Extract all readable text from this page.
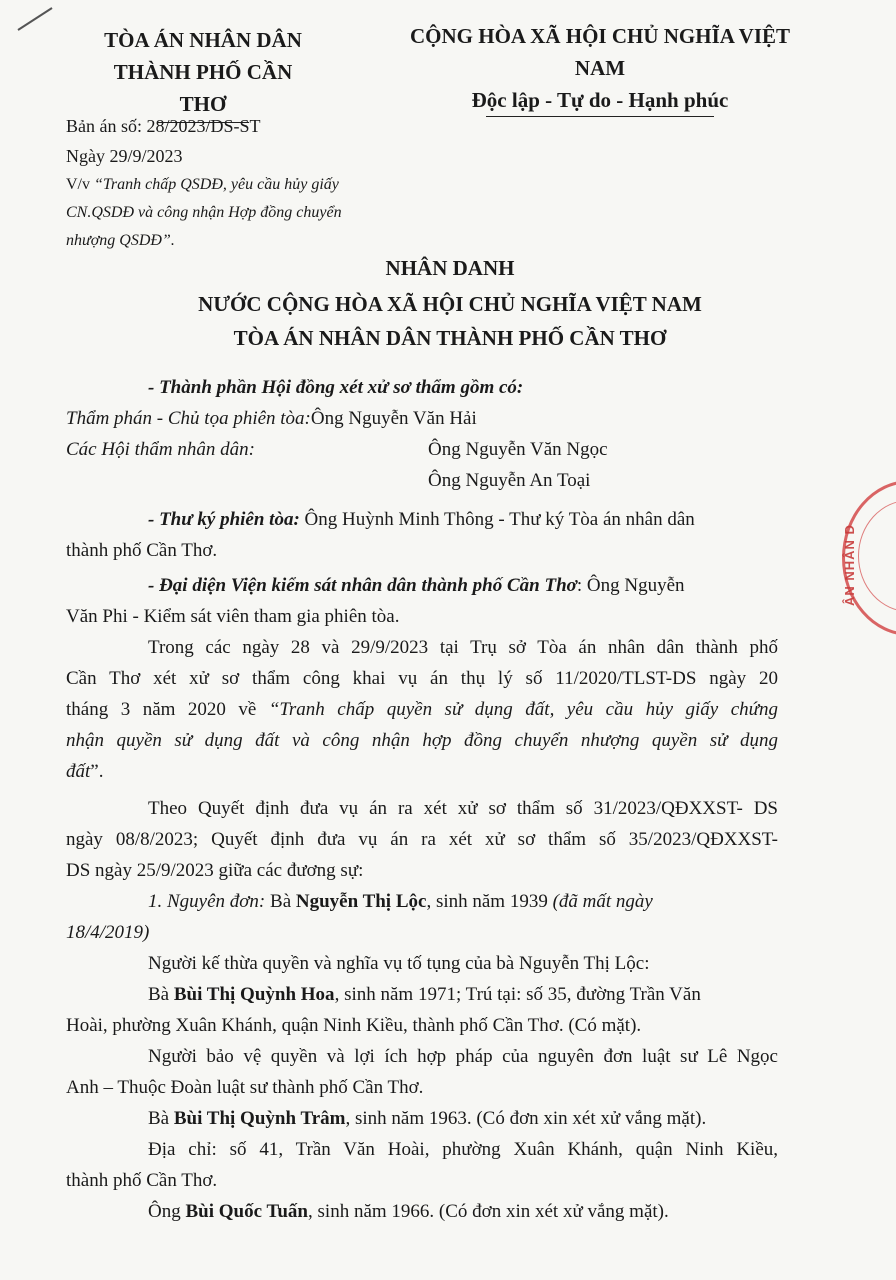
TÒA ÁN NHÂN DÂN
THÀNH PHỐ CẦN THƠ
CỘNG HÒA XÃ HỘI CHỦ NGHĨA VIỆT NAM
Độc lập - Tự do - Hạnh phúc
Bản án số: 28/2023/DS-ST
Ngày 29/9/2023
V/v “Tranh chấp QSDĐ, yêu cầu hủy giấy
CN.QSDĐ và công nhận Hợp đồng chuyển
nhượng QSDĐ”.
NHÂN DANH
NƯỚC CỘNG HÒA XÃ HỘI CHỦ NGHĨA VIỆT NAM
TÒA ÁN NHÂN DÂN THÀNH PHỐ CẦN THƠ
- Thành phần Hội đồng xét xử sơ thẩm gồm có:
Thẩm phán - Chủ tọa phiên tòa: Ông Nguyễn Văn Hải
Các Hội thẩm nhân dân:	Ông Nguyễn Văn Ngọc
Ông Nguyễn An Toại
- Thư ký phiên tòa: Ông Huỳnh Minh Thông - Thư ký Tòa án nhân dân
thành phố Cần Thơ.
- Đại diện Viện kiểm sát nhân dân thành phố Cần Thơ: Ông Nguyễn
Văn Phi - Kiểm sát viên tham gia phiên tòa.
Trong các ngày 28 và 29/9/2023 tại Trụ sở Tòa án nhân dân thành phố
Cần Thơ xét xử sơ thẩm công khai vụ án thụ lý số 11/2020/TLST-DS ngày 20
tháng 3 năm 2020 về “Tranh chấp quyền sử dụng đất, yêu cầu hủy giấy chứng
nhận quyền sử dụng đất và công nhận hợp đồng chuyển nhượng quyền sử dụng
đất”.
Theo Quyết định đưa vụ án ra xét xử sơ thẩm số 31/2023/QĐXXST- DS
ngày 08/8/2023; Quyết định đưa vụ án ra xét xử sơ thẩm số 35/2023/QĐXXST-
DS ngày 25/9/2023 giữa các đương sự:
1. Nguyên đơn: Bà Nguyễn Thị Lộc, sinh năm 1939 (đã mất ngày
18/4/2019)
Người kế thừa quyền và nghĩa vụ tố tụng của bà Nguyễn Thị Lộc:
Bà Bùi Thị Quỳnh Hoa, sinh năm 1971; Trú tại: số 35, đường Trần Văn
Hoài, phường Xuân Khánh, quận Ninh Kiều, thành phố Cần Thơ. (Có mặt).
Người bảo vệ quyền và lợi ích hợp pháp của nguyên đơn luật sư Lê Ngọc
Anh – Thuộc Đoàn luật sư thành phố Cần Thơ.
Bà Bùi Thị Quỳnh Trâm, sinh năm 1963. (Có đơn xin xét xử vắng mặt).
Địa chỉ: số 41, Trần Văn Hoài, phường Xuân Khánh, quận Ninh Kiều,
thành phố Cần Thơ.
Ông Bùi Quốc Tuấn, sinh năm 1966. (Có đơn xin xét xử vắng mặt).
ÂN NHÂN D
